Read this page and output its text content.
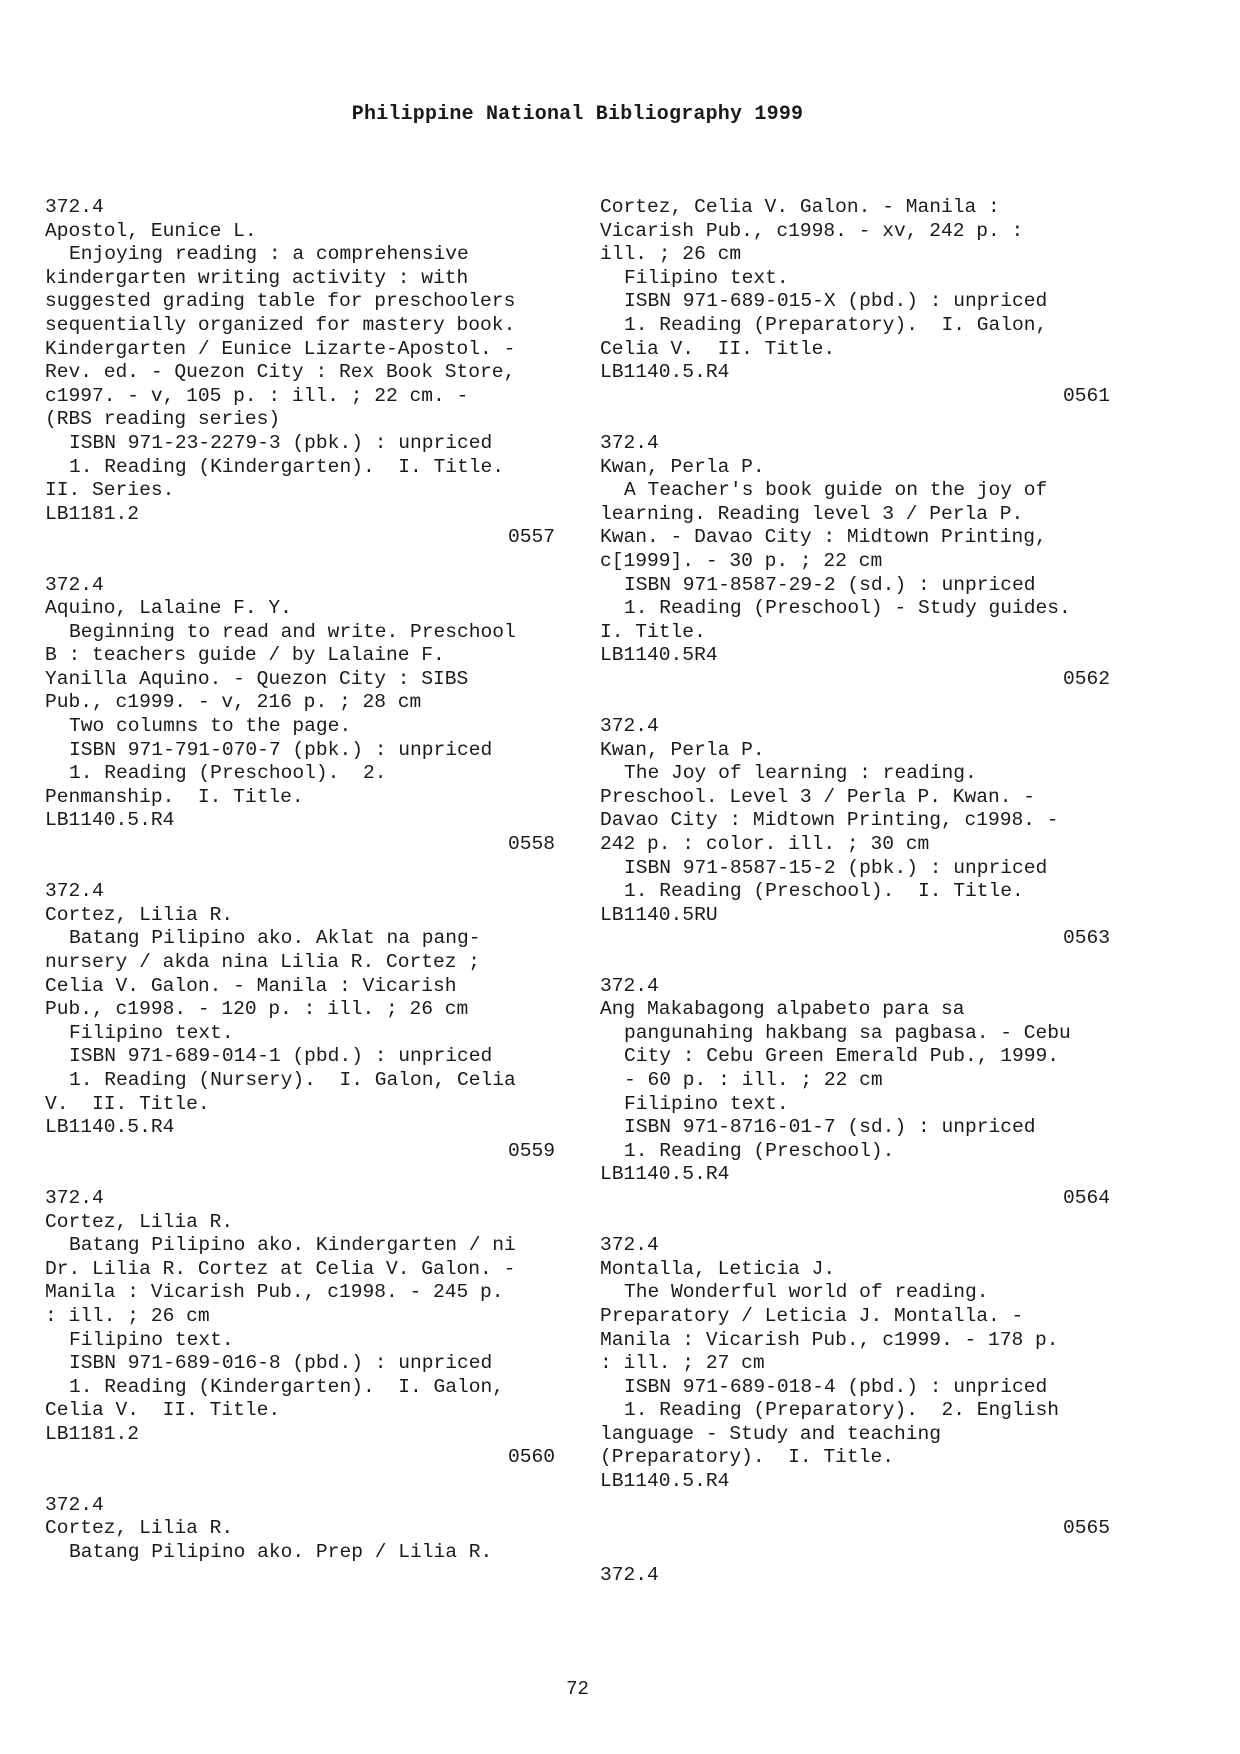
Philippine National Bibliography 1999
372.4
Apostol, Eunice L.
Enjoying reading : a comprehensive
kindergarten writing activity : with
suggested grading table for preschoolers
sequentially organized for mastery book.
Kindergarten / Eunice Lizarte-Apostol. -
Rev. ed. - Quezon City : Rex Book Store,
c1997. - v, 105 p. : ill. ; 22 cm. -
(RBS reading series)
ISBN 971-23-2279-3 (pbk.) : unpriced
1. Reading (Kindergarten).  I. Title.
II. Series.
LB1181.2
0557
372.4
Aquino, Lalaine F. Y.
Beginning to read and write. Preschool
B : teachers guide / by Lalaine F.
Yanilla Aquino. - Quezon City : SIBS
Pub., c1999. - v, 216 p. ; 28 cm
Two columns to the page.
ISBN 971-791-070-7 (pbk.) : unpriced
1. Reading (Preschool).  2.
Penmanship.  I. Title.
LB1140.5.R4
0558
372.4
Cortez, Lilia R.
Batang Pilipino ako. Aklat na pang-
nursery / akda nina Lilia R. Cortez ;
Celia V. Galon. - Manila : Vicarish
Pub., c1998. - 120 p. : ill. ; 26 cm
Filipino text.
ISBN 971-689-014-1 (pbd.) : unpriced
1. Reading (Nursery).  I. Galon, Celia
V.  II. Title.
LB1140.5.R4
0559
372.4
Cortez, Lilia R.
Batang Pilipino ako. Kindergarten / ni
Dr. Lilia R. Cortez at Celia V. Galon. -
Manila : Vicarish Pub., c1998. - 245 p.
: ill. ; 26 cm
Filipino text.
ISBN 971-689-016-8 (pbd.) : unpriced
1. Reading (Kindergarten).  I. Galon,
Celia V.  II. Title.
LB1181.2
0560
372.4
Cortez, Lilia R.
Batang Pilipino ako. Prep / Lilia R.
Cortez, Celia V. Galon. - Manila :
Vicarish Pub., c1998. - xv, 242 p. :
ill. ; 26 cm
Filipino text.
ISBN 971-689-015-X (pbd.) : unpriced
1. Reading (Preparatory).  I. Galon,
Celia V.  II. Title.
LB1140.5.R4
0561
372.4
Kwan, Perla P.
A Teacher's book guide on the joy of
learning. Reading level 3 / Perla P.
Kwan. - Davao City : Midtown Printing,
c[1999]. - 30 p. ; 22 cm
ISBN 971-8587-29-2 (sd.) : unpriced
1. Reading (Preschool) - Study guides.
I. Title.
LB1140.5R4
0562
372.4
Kwan, Perla P.
The Joy of learning : reading.
Preschool. Level 3 / Perla P. Kwan. -
Davao City : Midtown Printing, c1998. -
242 p. : color. ill. ; 30 cm
ISBN 971-8587-15-2 (pbk.) : unpriced
1. Reading (Preschool).  I. Title.
LB1140.5RU
0563
372.4
Ang Makabagong alpabeto para sa
pangunahing hakbang sa pagbasa. - Cebu
City : Cebu Green Emerald Pub., 1999.
- 60 p. : ill. ; 22 cm
Filipino text.
ISBN 971-8716-01-7 (sd.) : unpriced
1. Reading (Preschool).
LB1140.5.R4
0564
372.4
Montalla, Leticia J.
The Wonderful world of reading.
Preparatory / Leticia J. Montalla. -
Manila : Vicarish Pub., c1999. - 178 p.
: ill. ; 27 cm
ISBN 971-689-018-4 (pbd.) : unpriced
1. Reading (Preparatory).  2. English
language - Study and teaching
(Preparatory).  I. Title.
LB1140.5.R4
0565
372.4
72
